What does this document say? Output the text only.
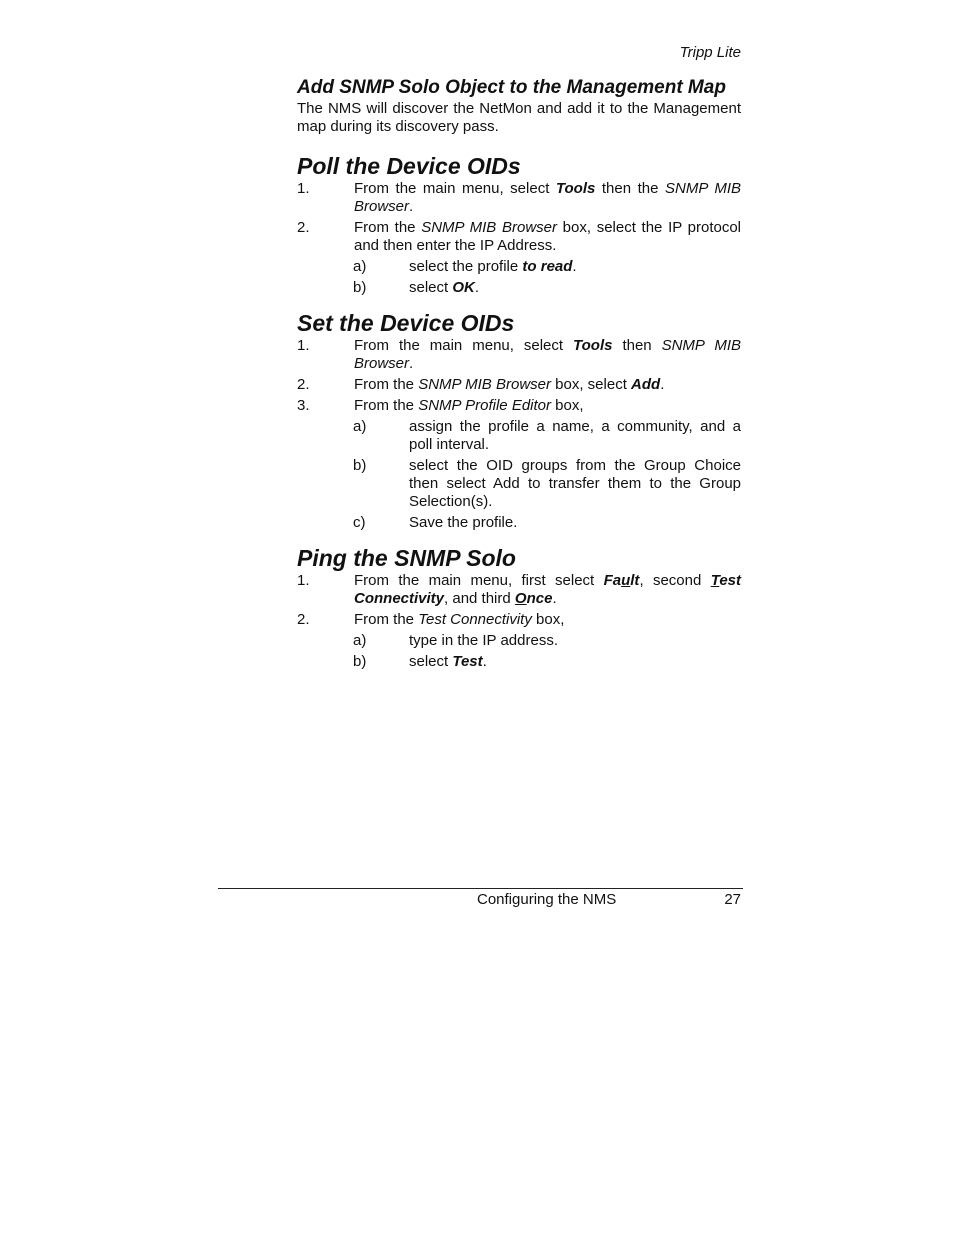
Tripp Lite
Add SNMP Solo Object to the Management Map

The NMS will discover the NetMon and add it to the Management map during its discovery pass.

Poll the Device OIDs
1.	From the main menu, select Tools then the SNMP MIB Browser.
2.	From the SNMP MIB Browser box, select the IP protocol and then enter the IP Address.
a)	select the profile to read.
b)	select OK.
Set the Device OIDs
1.	From the main menu, select Tools then SNMP MIB Browser.
2.	From the SNMP MIB Browser box, select Add.
3.	From the SNMP Profile Editor box,
a)	assign the profile a name, a community, and a poll interval.
b)	select the OID groups from the Group Choice then select Add to transfer them to the Group Selection(s).
c)	Save the profile.
Ping the SNMP Solo
1.	From the main menu, first select Fault, second Test Connectivity, and third Once.
2.	From the Test Connectivity box,
a)	type in the IP address.
b)	select Test.
Configuring the NMS	27
